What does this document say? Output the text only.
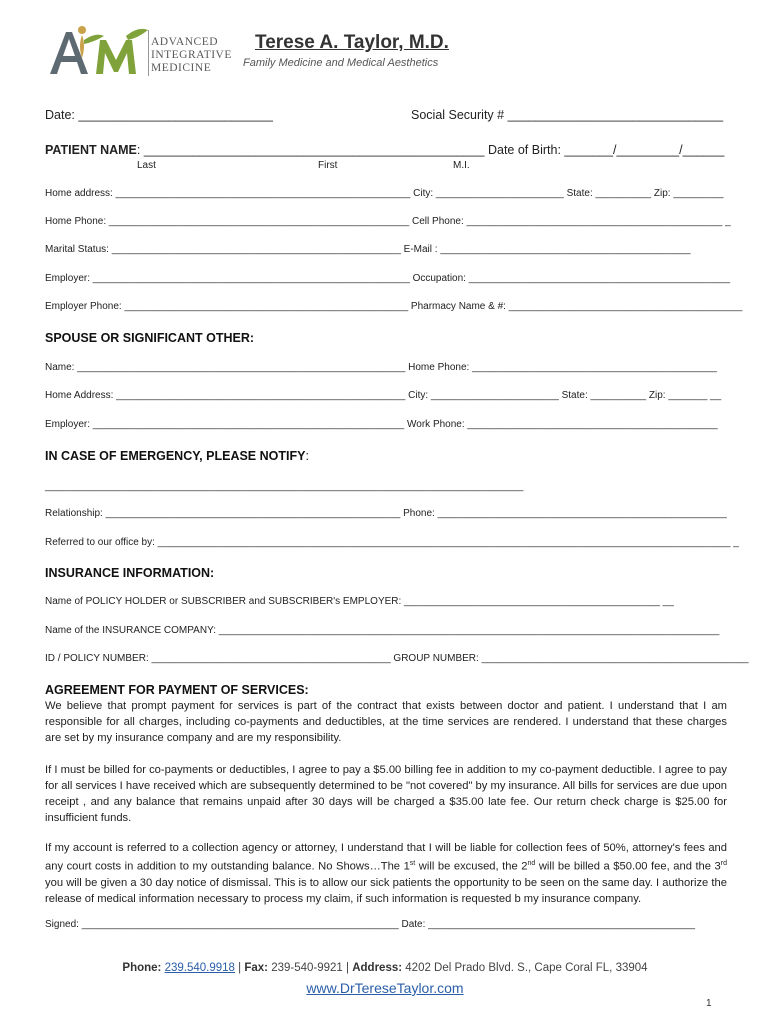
ADVANCED
INTEGRATIVE
MEDICINE
Terese A. Taylor, M.D.
Family Medicine and Medical Aesthetics
Date: ____________________________	Social Security # _______________________________
PATIENT NAME: _________________________________________________ Date of Birth: _______/_________/______
Last	First	M.I.
Home address: _____________________________________________________ City: _______________________ State: __________ Zip: _________
Home Phone: ______________________________________________________ Cell Phone: ______________________________________________ _
Marital Status: ____________________________________________________ E-Mail : _____________________________________________
Employer: _________________________________________________________ Occupation: _______________________________________________
Employer Phone: ___________________________________________________ Pharmacy Name & #: __________________________________________
SPOUSE OR SIGNIFICANT OTHER:
Name: ___________________________________________________________ Home Phone: ____________________________________________
Home Address: ____________________________________________________ City: _______________________ State: __________ Zip: _______ __
Employer: ________________________________________________________ Work Phone: _____________________________________________
IN CASE OF EMERGENCY, PLEASE NOTIFY:
______________________________________________________________________________________
Relationship: _____________________________________________________ Phone: ____________________________________________________
Referred to our office by: _______________________________________________________________________________________________________ _
INSURANCE INFORMATION:
Name of POLICY HOLDER or SUBSCRIBER and SUBSCRIBER's EMPLOYER: ______________________________________________ __
Name of the INSURANCE COMPANY: __________________________________________________________________________________________
ID / POLICY NUMBER: ___________________________________________ GROUP NUMBER: ________________________________________________
AGREEMENT FOR PAYMENT OF SERVICES:
We believe that prompt payment for services is part of the contract that exists between doctor and patient. I understand that I am responsible for all charges, including co-payments and deductibles, at the time services are rendered. I understand that these charges are set by my insurance company and are my responsibility.
If I must be billed for co-payments or deductibles, I agree to pay a $5.00 billing fee in addition to my co-payment deductible. I agree to pay for all services I have received which are subsequently determined to be "not covered" by my insurance. All bills for services are due upon receipt , and any balance that remains unpaid after 30 days will be charged a $35.00 late fee. Our return check charge is $25.00 for insufficient funds.
If my account is referred to a collection agency or attorney, I understand that I will be liable for collection fees of 50%, attorney's fees and any court costs in addition to my outstanding balance. No Shows…The 1st will be excused, the 2nd will be billed a $50.00 fee, and the 3rd you will be given a 30 day notice of dismissal. This is to allow our sick patients the opportunity to be seen on the same day. I authorize the release of medical information necessary to process my claim, if such information is requested b my insurance company.
Signed: _________________________________________________________ Date: ________________________________________________
Phone: 239.540.9918 | Fax: 239-540-9921 | Address: 4202 Del Prado Blvd. S., Cape Coral FL, 33904
www.DrTereseTaylor.com
1
